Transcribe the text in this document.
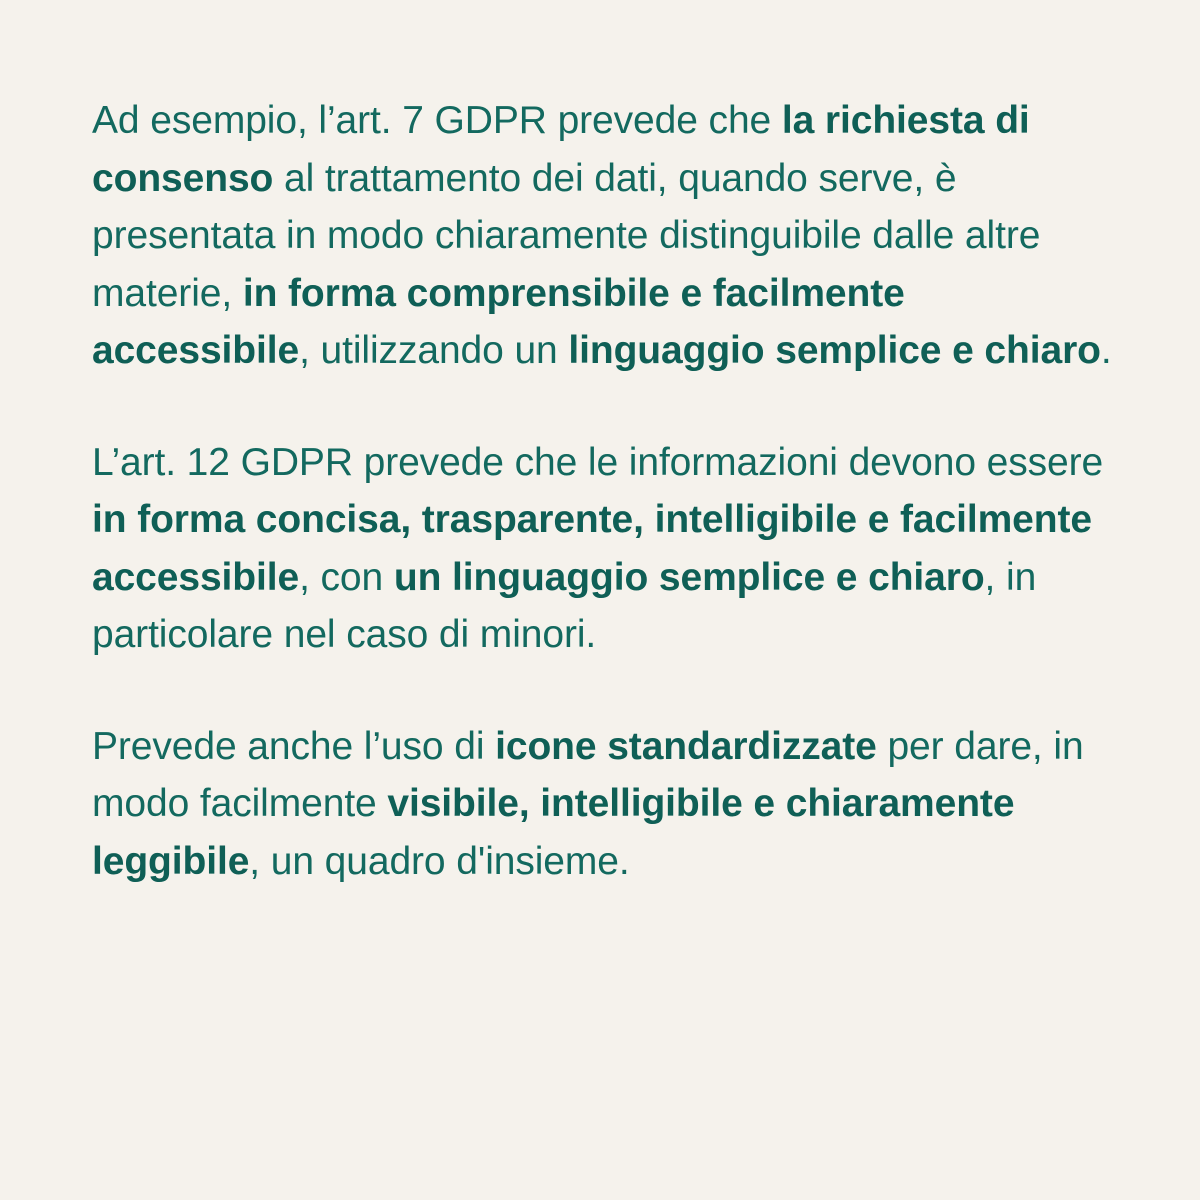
Ad esempio, l’art. 7 GDPR prevede che la richiesta di consenso al trattamento dei dati, quando serve, è presentata in modo chiaramente distinguibile dalle altre materie, in forma comprensibile e facilmente accessibile, utilizzando un linguaggio semplice e chiaro.

L’art. 12 GDPR prevede che le informazioni devono essere in forma concisa, trasparente, intelligibile e facilmente accessibile, con un linguaggio semplice e chiaro, in particolare nel caso di minori.

Prevede anche l’uso di icone standardizzate per dare, in modo facilmente visibile, intelligibile e chiaramente leggibile, un quadro d'insieme.
